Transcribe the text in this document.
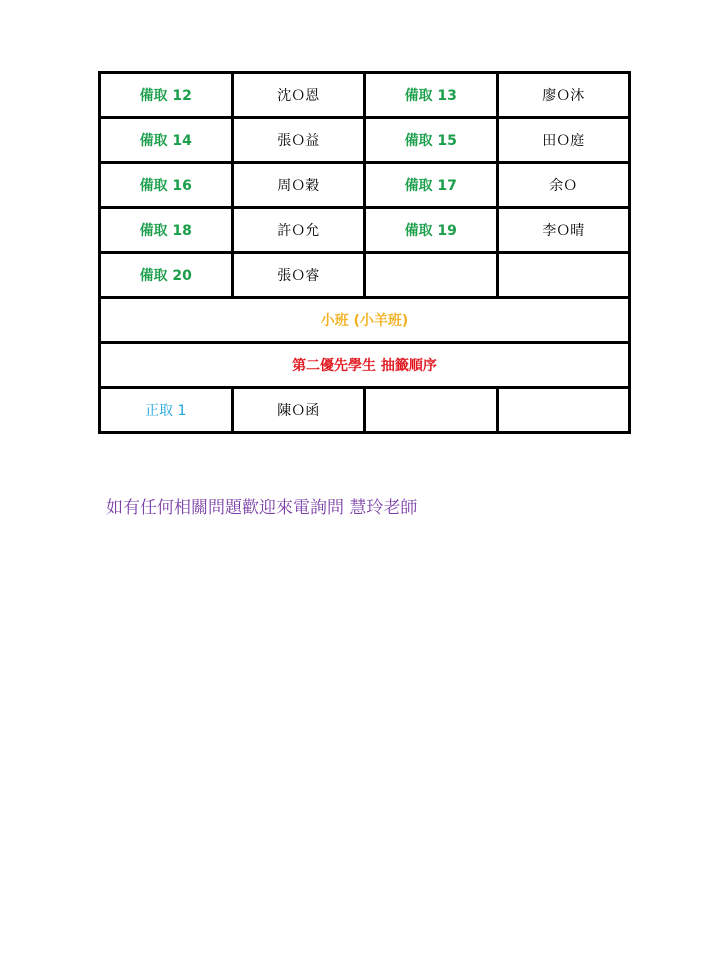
備取 12	沈Ｏ恩	備取 13	廖Ｏ沐
備取 14	張Ｏ益	備取 15	田Ｏ庭
備取 16	周Ｏ穀	備取 17	余Ｏ
備取 18	許Ｏ允	備取 19	李Ｏ晴
備取 20	張Ｏ睿		
小班 (小羊班)			
第二優先學生 抽籤順序			
正取 1	陳Ｏ函		
如有任何相關問題歡迎來電詢問 慧玲老師
